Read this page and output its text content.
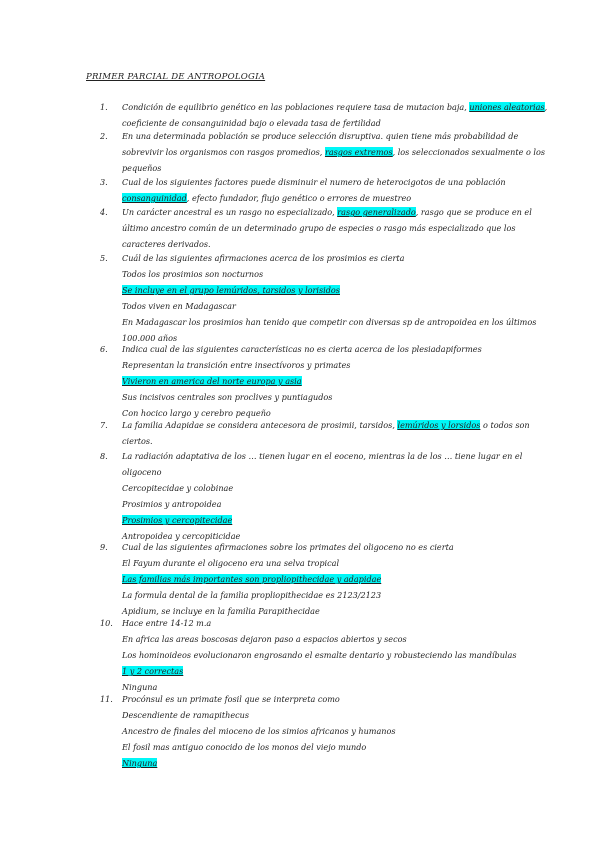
PRIMER PARCIAL DE ANTROPOLOGIA
1.	Condición de equilibrio genético en las poblaciones requiere tasa de mutacion baja, uniones aleatorias,
coeficiente de consanguinidad bajo o elevada tasa de fertilidad
2.	En una determinada población se produce selección disruptiva. quien tiene más probabilidad de
sobrevivir los organismos con rasgos promedios, rasgos extremos, los seleccionados sexualmente o los
pequeños
3.	Cual de los siguientes factores puede disminuir el numero de heterocigotos de una población
consanguinidad, efecto fundador, flujo genético o errores de muestreo
4.	Un carácter ancestral es un rasgo no especializado, rasgo generalizado, rasgo que se produce en el
último ancestro común de un determinado grupo de especies o rasgo más especializado que los
caracteres derivados.
5.	Cuál de las siguientes afirmaciones acerca de los prosimios es cierta
Todos los prosimios son nocturnos
Se incluye en el grupo lemúridos, tarsidos y lorisidos
Todos viven en Madagascar
En Madagascar los prosimios han tenido que competir con diversas sp de antropoidea en los últimos
100.000 años
6.	Indica cual de las siguientes características no es cierta acerca de los plesiadapiformes
Representan la transición entre insectívoros y primates
Vivieron en america del norte europa y asia
Sus incisivos centrales son proclives y puntiagudos
Con hocico largo y cerebro pequeño
7.	La familia Adapidae se considera antecesora de prosimii, tarsidos, lemúridos y lorsidos o todos son
ciertos.
8.	La radiación adaptativa de los … tienen lugar en el eoceno, mientras la de los … tiene lugar en el
oligoceno
Cercopitecidae y colobinae
Prosimios y antropoidea
Prosimios y cercopitecidae
Antropoidea y cercopiticidae
9.	Cual de las siguientes afirmaciones sobre los primates del oligoceno no es cierta
El Fayum durante el oligoceno era una selva tropical
Las familias más importantes son propliopithecidae y adapidae
La formula dental de la familia propliopithecidae es 2123/2123
Apidium, se incluye en la familia Parapithecidae
10.	Hace entre 14-12 m.a
En africa las areas boscosas dejaron paso a espacios abiertos y secos
Los hominoideos evolucionaron engrosando el esmalte dentario y robusteciendo las mandíbulas
1 y 2 correctas
Ninguna
11.	Procónsul es un primate fosil que se interpreta como
Descendiente de ramapithecus
Ancestro de finales del mioceno de los simios africanos y humanos
El fosil mas antiguo conocido de los monos del viejo mundo
Ninguna
